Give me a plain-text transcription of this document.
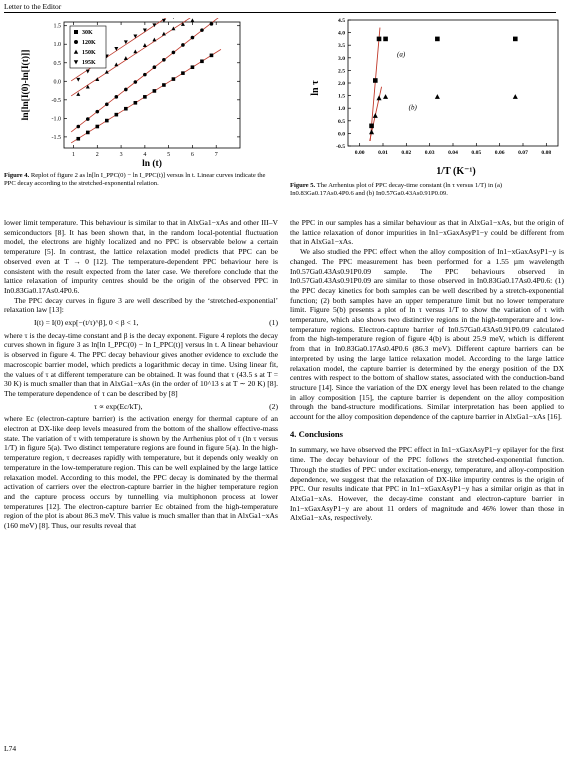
Letter to the Editor
1	2	3	4	5	6	7
-1.5
-1.0
-0.5
0.0
0.5
1.0
1.5
30K
120K
150K
195K
ln[ln[I(0)-ln[I(t)]]
ln (t)
Figure 4. Replot of figure 2 as ln[ln I_PPC(0) − ln I_PPC(t)] versus ln t. Linear curves indicate the PPC decay according to the stretched-exponential relation.
0.00 0.01 0.02 0.03 0.04 0.05 0.06 0.07 0.08
-0.5
0.0
0.5
1.0
1.5
2.0
2.5
3.0
3.5
4.0
4.5
(a)
(b)
ln τ
1/T (K⁻¹)
Figure 5. The Arrhenius plot of PPC decay-time constant (ln τ versus 1/T) in (a) In0.83Ga0.17As0.4P0.6 and (b) In0.57Ga0.43As0.91P0.09.

lower limit temperature. This behaviour is similar to that in AlxGa1−xAs and other III–V semiconductors [8]. It has been shown that, in the random local-potential fluctuation model, the electrons are highly localized and no PPC is observable below a certain temperature [5]. In contrast, the lattice relaxation model predicts that PPC can be observed even at T → 0 [12]. The temperature-dependent PPC behaviour here is consistent with the result expected from the later case. We therefore conclude that the lattice relaxation of impurity centres should be the origin of the observed PPC in In0.83Ga0.17As0.4P0.6.

The PPC decay curves in figure 3 are well described by the ‘stretched-exponential’ relaxation law [13]:

I(t) = I(0) exp[−(t/τ)^β], 0 < β < 1,	(1)

where τ is the decay-time constant and β is the decay exponent. Figure 4 replots the decay curves shown in figure 3 as ln[ln I_PPC(0) − ln I_PPC(t)] versus ln t. A linear behaviour is observed in figure 4. The PPC decay behaviour gives another evidence to exclude the macroscopic barrier model, which predicts a logarithmic decay in time. Using linear fit, the values of τ at different temperature can be obtained. It was found that τ (43.5 s at T = 30 K) is much smaller than that in AlxGa1−xAs (in the order of 10^13 s at T ∼ 20 K) [8]. The temperature dependence of τ can be described by [8]

τ ∝ exp(Ec/kT),	(2)

where Ec (electron-capture barrier) is the activation energy for thermal capture of an electron at DX-like deep levels measured from the bottom of the shallow effective-mass state. The variation of τ with temperature is shown by the Arrhenius plot of τ (ln τ versus 1/T) in figure 5(a). Two distinct temperature regions are found in figure 5(a). In the high-temperature region, τ decreases rapidly with temperature, but it depends only weakly on temperature in the low-temperature region. This can be well explained by the large lattice relaxation model. According to this model, the PPC decay is dominated by the thermal activation of carriers over the electron-capture barrier in the higher temperature region and the capture process occurs by tunnelling via multiphonon process at lower temperatures [12]. The electron-capture barrier Ec obtained from the high-temperature region of the plot is about 86.3 meV. This value is much smaller than that in AlxGa1−xAs (160 meV) [8]. Thus, our results reveal that

the PPC in our samples has a similar behaviour as that in AlxGa1−xAs, but the origin of the lattice relaxation of donor impurities in In1−xGaxAsyP1−y could be different from that in AlxGa1−xAs.

We also studied the PPC effect when the alloy composition of In1−xGaxAsyP1−y is changed. The PPC measurement has been performed for a 1.55 µm wavelength In0.57Ga0.43As0.91P0.09 sample. The PPC behaviours observed in In0.57Ga0.43As0.91P0.09 are similar to those observed in In0.83Ga0.17As0.4P0.6: (1) the PPC decay kinetics for both samples can be well described by a stretch-exponential function; (2) both samples have an upper temperature limit but no lower temperature limit. Figure 5(b) presents a plot of ln τ versus 1/T to show the variation of τ with temperature, which also shows two distinctive regions in the high-temperature and low-temperature regions. Electron-capture barrier of In0.57Ga0.43As0.91P0.09 calculated from the high-temperature region of figure 4(b) is about 25.9 meV, which is different from that in In0.83Ga0.17As0.4P0.6 (86.3 meV). Different capture barriers can be interpreted by using the large lattice relaxation model. According to the large lattice relaxation model, the capture barrier is determined by the energy position of the DX centres with respect to the bottom of shallow states, associated with the conduction-band structure [14]. Since the variation of the DX energy level has been related to the change in alloy composition [15], the capture barrier is dependent on the alloy composition through the band-structure modifications. Similar interpretation has been applied to account for the alloy composition dependence of the capture barrier in AlxGa1−xAs [16].

4. Conclusions

In summary, we have observed the PPC effect in In1−xGaxAsyP1−y epilayer for the first time. The decay behaviour of the PPC follows the stretched-exponential function. Through the studies of PPC under excitation-energy, temperature, and alloy-composition dependence, we suggest that the relaxation of DX-like impurity centres is the origin of PPC. Our results indicate that PPC in In1−xGaxAsyP1−y has a similar origin as that in AlxGa1−xAs. However, the decay-time constant and electron-capture barrier in In1−xGaxAsyP1−y are about 11 orders of magnitude and 46% lower than those in AlxGa1−xAs, respectively.

L74
